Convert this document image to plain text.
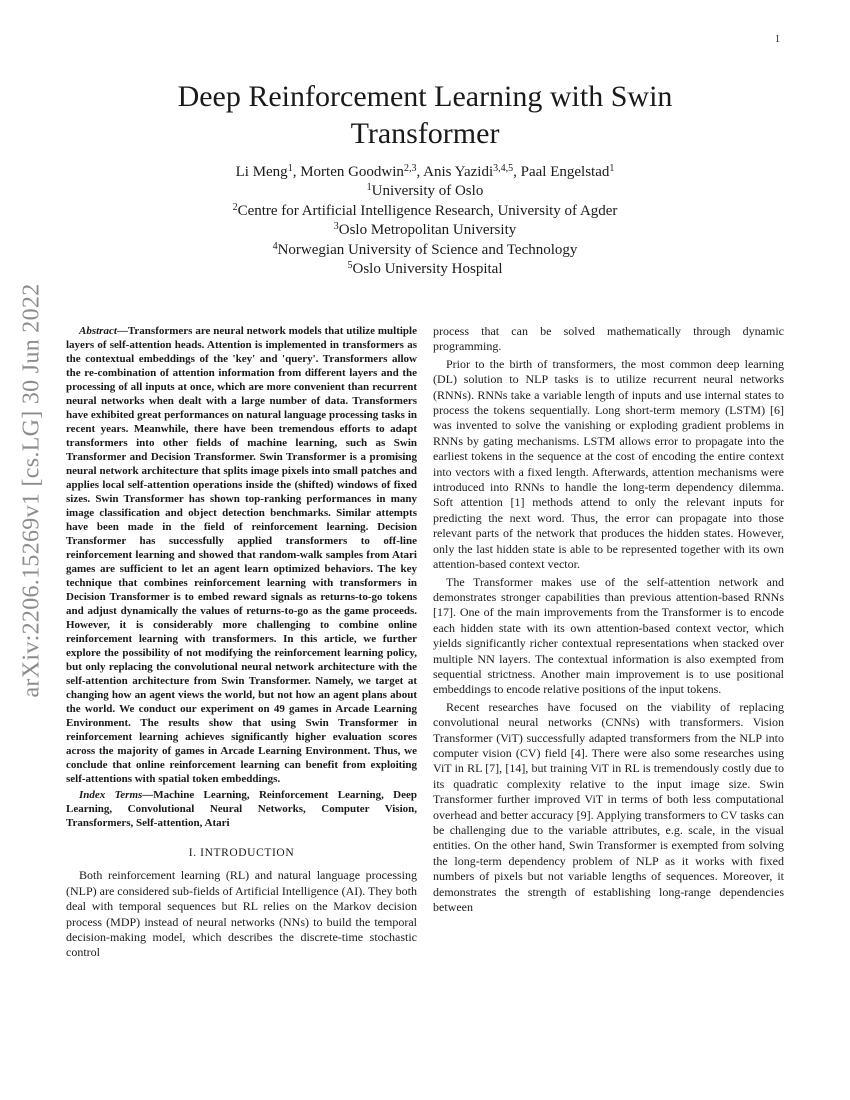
1
arXiv:2206.15269v1 [cs.LG] 30 Jun 2022
Deep Reinforcement Learning with Swin Transformer
Li Meng$^1$, Morten Goodwin$^{2,3}$, Anis Yazidi$^{3,4,5}$, Paal Engelstad$^1$
$^1$University of Oslo
$^2$Centre for Artificial Intelligence Research, University of Agder
$^3$Oslo Metropolitan University
$^4$Norwegian University of Science and Technology
$^5$Oslo University Hospital

Abstract—Transformers are neural network models that utilize multiple layers of self-attention heads. Attention is implemented in transformers as the contextual embeddings of the 'key' and 'query'. Transformers allow the re-combination of attention information from different layers and the processing of all inputs at once, which are more convenient than recurrent neural networks when dealt with a large number of data. Transformers have exhibited great performances on natural language processing tasks in recent years. Meanwhile, there have been tremendous efforts to adapt transformers into other fields of machine learning, such as Swin Transformer and Decision Transformer. Swin Transformer is a promising neural network architecture that splits image pixels into small patches and applies local self-attention operations inside the (shifted) windows of fixed sizes. Swin Transformer has shown top-ranking performances in many image classification and object detection benchmarks. Similar attempts have been made in the field of reinforcement learning. Decision Transformer has successfully applied transformers to off-line reinforcement learning and showed that random-walk samples from Atari games are sufficient to let an agent learn optimized behaviors. The key technique that combines reinforcement learning with transformers in Decision Transformer is to embed reward signals as returns-to-go tokens and adjust dynamically the values of returns-to-go as the game proceeds. However, it is considerably more challenging to combine online reinforcement learning with transformers. In this article, we further explore the possibility of not modifying the reinforcement learning policy, but only replacing the convolutional neural network architecture with the self-attention architecture from Swin Transformer. Namely, we target at changing how an agent views the world, but not how an agent plans about the world. We conduct our experiment on 49 games in Arcade Learning Environment. The results show that using Swin Transformer in reinforcement learning achieves significantly higher evaluation scores across the majority of games in Arcade Learning Environment. Thus, we conclude that online reinforcement learning can benefit from exploiting self-attentions with spatial token embeddings.

Index Terms—Machine Learning, Reinforcement Learning, Deep Learning, Convolutional Neural Networks, Computer Vision, Transformers, Self-attention, Atari

I. INTRODUCTION

Both reinforcement learning (RL) and natural language processing (NLP) are considered sub-fields of Artificial Intelligence (AI). They both deal with temporal sequences but RL relies on the Markov decision process (MDP) instead of neural networks (NNs) to build the temporal decision-making model, which describes the discrete-time stochastic control

process that can be solved mathematically through dynamic programming.

Prior to the birth of transformers, the most common deep learning (DL) solution to NLP tasks is to utilize recurrent neural networks (RNNs). RNNs take a variable length of inputs and use internal states to process the tokens sequentially. Long short-term memory (LSTM) [6] was invented to solve the vanishing or exploding gradient problems in RNNs by gating mechanisms. LSTM allows error to propagate into the earliest tokens in the sequence at the cost of encoding the entire context into vectors with a fixed length. Afterwards, attention mechanisms were introduced into RNNs to handle the long-term dependency dilemma. Soft attention [1] methods attend to only the relevant inputs for predicting the next word. Thus, the error can propagate into those relevant parts of the network that produces the hidden states. However, only the last hidden state is able to be represented together with its own attention-based context vector.

The Transformer makes use of the self-attention network and demonstrates stronger capabilities than previous attention-based RNNs [17]. One of the main improvements from the Transformer is to encode each hidden state with its own attention-based context vector, which yields significantly richer contextual representations when stacked over multiple NN layers. The contextual information is also exempted from sequential strictness. Another main improvement is to use positional embeddings to encode relative positions of the input tokens.

Recent researches have focused on the viability of replacing convolutional neural networks (CNNs) with transformers. Vision Transformer (ViT) successfully adapted transformers from the NLP into computer vision (CV) field [4]. There were also some researches using ViT in RL [7], [14], but training ViT in RL is tremendously costly due to its quadratic complexity relative to the input image size. Swin Transformer further improved ViT in terms of both less computational overhead and better accuracy [9]. Applying transformers to CV tasks can be challenging due to the variable attributes, e.g. scale, in the visual entities. On the other hand, Swin Transformer is exempted from solving the long-term dependency problem of NLP as it works with fixed numbers of pixels but not variable lengths of sequences. Moreover, it demonstrates the strength of establishing long-range dependencies between
